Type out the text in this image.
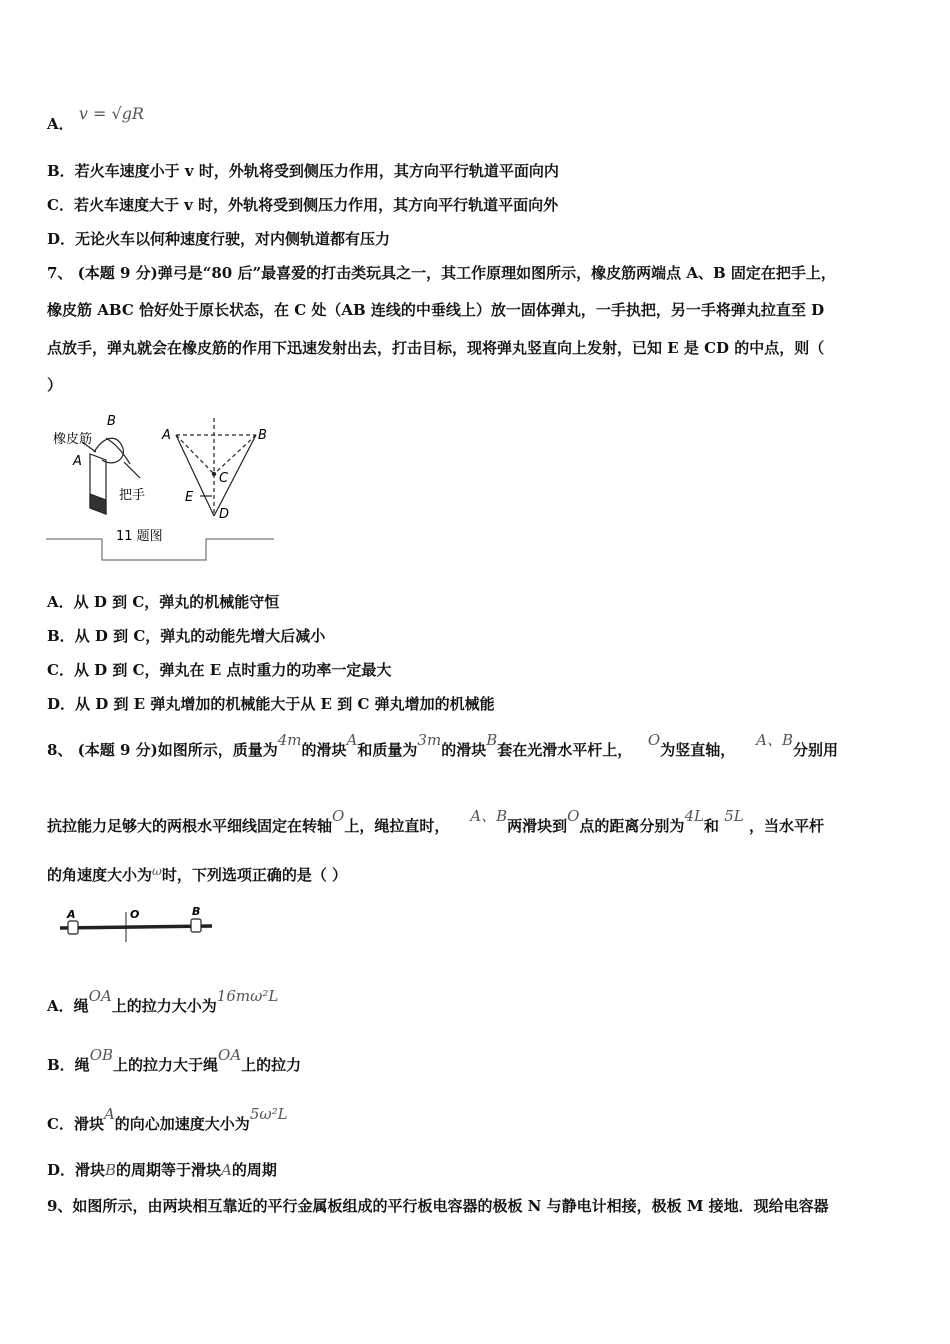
A． v = √gR
B．若火车速度小于 v 时，外轨将受到侧压力作用，其方向平行轨道平面向内
C．若火车速度大于 v 时，外轨将受到侧压力作用，其方向平行轨道平面向外
D．无论火车以何种速度行驶，对内侧轨道都有压力
7、 (本题 9 分)弹弓是“80 后”最喜爱的打击类玩具之一，其工作原理如图所示，橡皮筋两端点 A、B 固定在把手上，
橡皮筋 ABC 恰好处于原长状态，在 C 处（AB 连线的中垂线上）放一固体弹丸，一手执把，另一手将弹丸拉直至 D
点放手，弹丸就会在橡皮筋的作用下迅速发射出去，打击目标，现将弹丸竖直向上发射，已知 E 是 CD 的中点，则（
）
橡皮筋
B
A
把手
A	B
C
E
D
11 题图
A．从 D 到 C，弹丸的机械能守恒
B．从 D 到 C，弹丸的动能先增大后减小
C．从 D 到 C，弹丸在 E 点时重力的功率一定最大
D．从 D 到 E 弹丸增加的机械能大于从 E 到 C 弹丸增加的机械能
8、 (本题 9 分)如图所示，质量为4m的滑块A和质量为3m的滑块B套在光滑水平杆上，   O为竖直轴，    A、B分别用
抗拉能力足够大的两根水平细线固定在转轴O上，绳拉直时，    A、B两滑块到O点的距离分别为4L和 5L ，当水平杆
的角速度大小为$^\omega$时，下列选项正确的是（ ）
A	O	B
A．绳OA上的拉力大小为16mω²L
B．绳OB上的拉力大于绳OA上的拉力
C．滑块A的向心加速度大小为5ω²L
D．滑块B的周期等于滑块A的周期
9、如图所示，由两块相互靠近的平行金属板组成的平行板电容器的极板 N 与静电计相接，极板 M 接地．现给电容器
